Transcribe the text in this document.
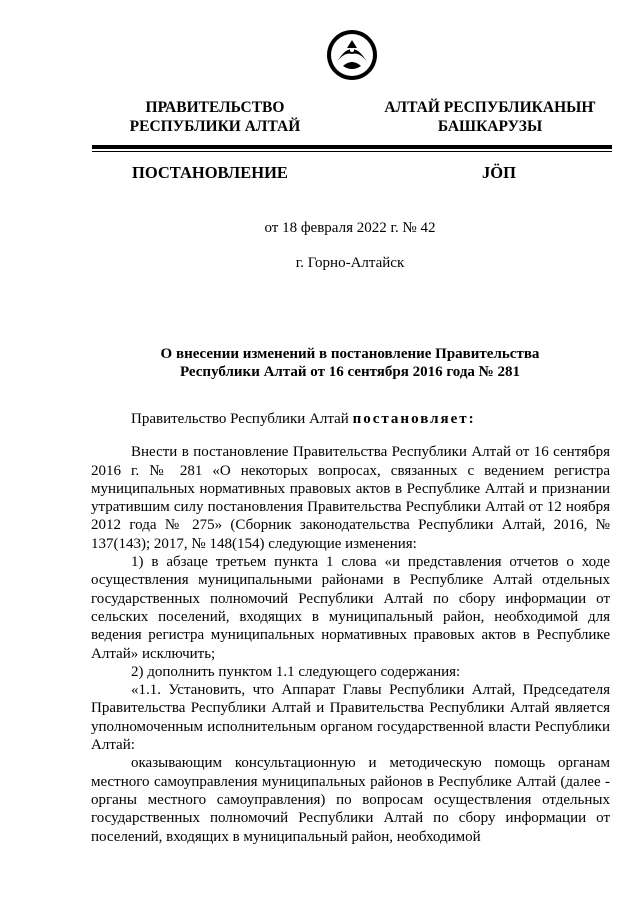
ПРАВИТЕЛЬСТВО
РЕСПУБЛИКИ АЛТАЙ
АЛТАЙ РЕСПУБЛИКАНЫҤ
БАШКАРУЗЫ
ПОСТАНОВЛЕНИЕ	JÖП
от 18 февраля 2022 г. № 42
г. Горно-Алтайск
О внесении изменений в постановление Правительства
Республики Алтай от 16 сентября 2016 года № 281

Правительство Республики Алтай постановляет:

Внести в постановление Правительства Республики Алтай от 16 сентября 2016 г. № 281 «О некоторых вопросах, связанных с ведением регистра муниципальных нормативных правовых актов в Республике Алтай и признании утратившим силу постановления Правительства Республики Алтай от 12 ноября 2012 года № 275» (Сборник законодательства Республики Алтай, 2016, № 137(143); 2017, № 148(154) следующие изменения:

1) в абзаце третьем пункта 1 слова «и представления отчетов о ходе осуществления муниципальными районами в Республике Алтай отдельных государственных полномочий Республики Алтай по сбору информации от сельских поселений, входящих в муниципальный район, необходимой для ведения регистра муниципальных нормативных правовых актов в Республике Алтай» исключить;

2) дополнить пунктом 1.1 следующего содержания:

«1.1. Установить, что Аппарат Главы Республики Алтай, Председателя Правительства Республики Алтай и Правительства Республики Алтай является уполномоченным исполнительным органом государственной власти Республики Алтай:

оказывающим консультационную и методическую помощь органам местного самоуправления муниципальных районов в Республике Алтай (далее - органы местного самоуправления) по вопросам осуществления отдельных государственных полномочий Республики Алтай по сбору информации от поселений, входящих в муниципальный район, необходимой
